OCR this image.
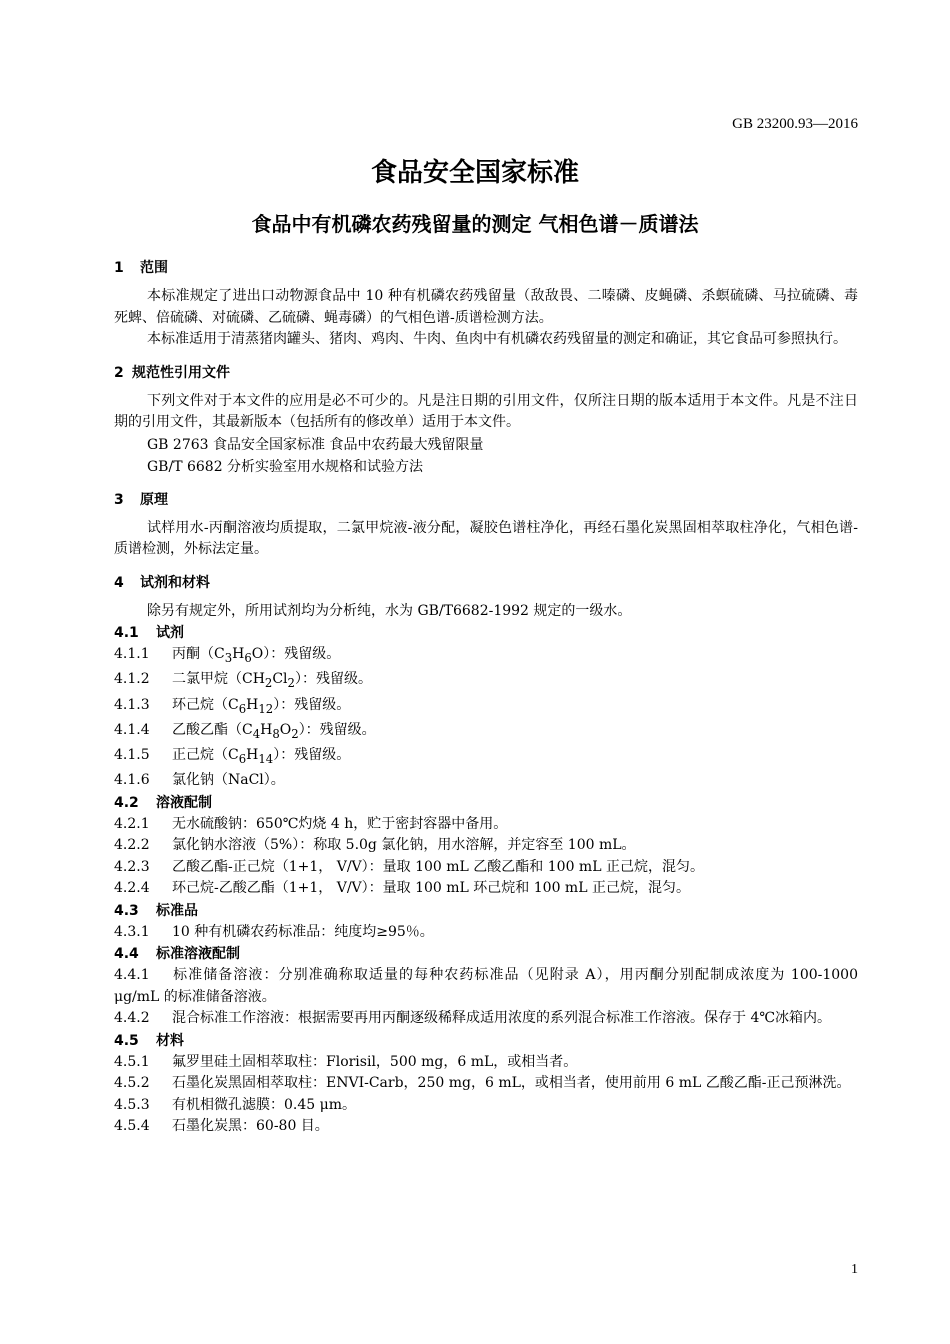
GB 23200.93—2016
食品安全国家标准
食品中有机磷农药残留量的测定 气相色谱－质谱法
1 范围
本标准规定了进出口动物源食品中 10 种有机磷农药残留量（敌敌畏、二嗪磷、皮蝇磷、杀螟硫磷、马拉硫磷、毒死蜱、倍硫磷、对硫磷、乙硫磷、蝇毒磷）的气相色谱-质谱检测方法。
本标准适用于清蒸猪肉罐头、猪肉、鸡肉、牛肉、鱼肉中有机磷农药残留量的测定和确证，其它食品可参照执行。
2 规范性引用文件
下列文件对于本文件的应用是必不可少的。凡是注日期的引用文件，仅所注日期的版本适用于本文件。凡是不注日期的引用文件，其最新版本（包括所有的修改单）适用于本文件。
GB 2763 食品安全国家标准 食品中农药最大残留限量
GB/T 6682 分析实验室用水规格和试验方法
3 原理
试样用水-丙酮溶液均质提取，二氯甲烷液-液分配，凝胶色谱柱净化，再经石墨化炭黑固相萃取柱净化，气相色谱-质谱检测，外标法定量。
4 试剂和材料
除另有规定外，所用试剂均为分析纯，水为 GB/T6682-1992 规定的一级水。
4.1 试剂
4.1.1 丙酮$(C_3H_6O)$：残留级。
4.1.2 二氯甲烷$(CH_2Cl_2)$：残留级。
4.1.3 环己烷$(C_6H_{12})$：残留级。
4.1.4 乙酸乙酯$(C_4H_8O_2)$：残留级。
4.1.5 正己烷$(C_6H_{14})$：残留级。
4.1.6 氯化钠（NaCl）。
4.2 溶液配制
4.2.1 无水硫酸钠：650℃灼烧 4 h，贮于密封容器中备用。
4.2.2 氯化钠水溶液（5%）：称取 5.0g 氯化钠，用水溶解，并定容至 100 mL。
4.2.3 乙酸乙酯-正己烷（1+1， V/V）：量取 100 mL 乙酸乙酯和 100 mL 正己烷，混匀。
4.2.4 环己烷-乙酸乙酯（1+1， V/V）：量取 100 mL 环己烷和 100 mL 正己烷，混匀。
4.3 标准品
4.3.1 10 种有机磷农药标准品：纯度均≥95％。
4.4 标准溶液配制
4.4.1 标准储备溶液：分别准确称取适量的每种农药标准品（见附录 A），用丙酮分别配制成浓度为 100-1000 μg/mL 的标准储备溶液。
4.4.2 混合标准工作溶液：根据需要再用丙酮逐级稀释成适用浓度的系列混合标准工作溶液。保存于 4℃冰箱内。
4.5 材料
4.5.1 氟罗里硅土固相萃取柱：Florisil，500 mg，6 mL，或相当者。
4.5.2 石墨化炭黑固相萃取柱：ENVI-Carb，250 mg，6 mL，或相当者，使用前用 6 mL 乙酸乙酯-正己预淋洗。
4.5.3 有机相微孔滤膜：0.45 μm。
4.5.4 石墨化炭黑：60-80 目。
1
